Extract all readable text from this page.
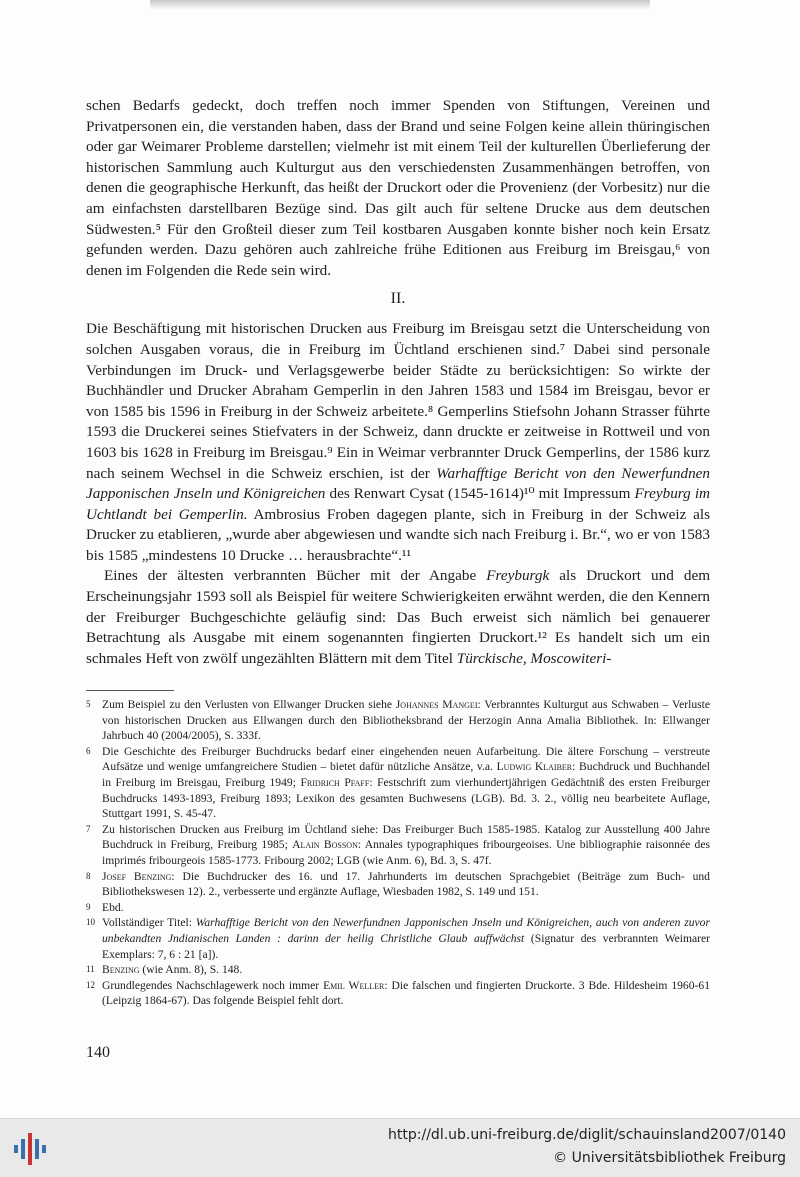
schen Bedarfs gedeckt, doch treffen noch immer Spenden von Stiftungen, Vereinen und Privatpersonen ein, die verstanden haben, dass der Brand und seine Folgen keine allein thüringischen oder gar Weimarer Probleme darstellen; vielmehr ist mit einem Teil der kulturellen Überlieferung der historischen Sammlung auch Kulturgut aus den verschiedensten Zusammenhängen betroffen, von denen die geographische Herkunft, das heißt der Druckort oder die Provenienz (der Vorbesitz) nur die am einfachsten darstellbaren Bezüge sind. Das gilt auch für seltene Drucke aus dem deutschen Südwesten.⁵ Für den Großteil dieser zum Teil kostbaren Ausgaben konnte bisher noch kein Ersatz gefunden werden. Dazu gehören auch zahlreiche frühe Editionen aus Freiburg im Breisgau,⁶ von denen im Folgenden die Rede sein wird.

II.

Die Beschäftigung mit historischen Drucken aus Freiburg im Breisgau setzt die Unterscheidung von solchen Ausgaben voraus, die in Freiburg im Üchtland erschienen sind.⁷ Dabei sind personale Verbindungen im Druck- und Verlagsgewerbe beider Städte zu berücksichtigen: So wirkte der Buchhändler und Drucker Abraham Gemperlin in den Jahren 1583 und 1584 im Breisgau, bevor er von 1585 bis 1596 in Freiburg in der Schweiz arbeitete.⁸ Gemperlins Stiefsohn Johann Strasser führte 1593 die Druckerei seines Stiefvaters in der Schweiz, dann druckte er zeitweise in Rottweil und von 1603 bis 1628 in Freiburg im Breisgau.⁹ Ein in Weimar verbrannter Druck Gemperlins, der 1586 kurz nach seinem Wechsel in die Schweiz erschien, ist der Warhafftige Bericht von den Newerfundnen Japponischen Jnseln und Königreichen des Renwart Cysat (1545-1614)¹⁰ mit Impressum Freyburg im Uchtlandt bei Gemperlin. Ambrosius Froben dagegen plante, sich in Freiburg in der Schweiz als Drucker zu etablieren, „wurde aber abgewiesen und wandte sich nach Freiburg i. Br.“, wo er von 1583 bis 1585 „mindestens 10 Drucke … herausbrachte“.¹¹

Eines der ältesten verbrannten Bücher mit der Angabe Freyburgk als Druckort und dem Erscheinungsjahr 1593 soll als Beispiel für weitere Schwierigkeiten erwähnt werden, die den Kennern der Freiburger Buchgeschichte geläufig sind: Das Buch erweist sich nämlich bei genauerer Betrachtung als Ausgabe mit einem sogenannten fingierten Druckort.¹² Es handelt sich um ein schmales Heft von zwölf ungezählten Blättern mit dem Titel Türckische, Moscowiteri-

5 Zum Beispiel zu den Verlusten von Ellwanger Drucken siehe Johannes Mangei: Verbranntes Kulturgut aus Schwaben – Verluste von historischen Drucken aus Ellwangen durch den Bibliotheksbrand der Herzogin Anna Amalia Bibliothek. In: Ellwanger Jahrbuch 40 (2004/2005), S. 333f.
6 Die Geschichte des Freiburger Buchdrucks bedarf einer eingehenden neuen Aufarbeitung. Die ältere Forschung – verstreute Aufsätze und wenige umfangreichere Studien – bietet dafür nützliche Ansätze, v.a. Ludwig Klaiber: Buchdruck und Buchhandel in Freiburg im Breisgau, Freiburg 1949; Fridrich Pfaff: Festschrift zum vierhundertjährigen Gedächtniß des ersten Freiburger Buchdrucks 1493-1893, Freiburg 1893; Lexikon des gesamten Buchwesens (LGB). Bd. 3. 2., völlig neu bearbeitete Auflage, Stuttgart 1991, S. 45-47.
7 Zu historischen Drucken aus Freiburg im Üchtland siehe: Das Freiburger Buch 1585-1985. Katalog zur Ausstellung 400 Jahre Buchdruck in Freiburg, Freiburg 1985; Alain Bosson: Annales typographiques fribourgeoises. Une bibliographie raisonnée des imprimés fribourgeois 1585-1773. Fribourg 2002; LGB (wie Anm. 6), Bd. 3, S. 47f.
8 Josef Benzing: Die Buchdrucker des 16. und 17. Jahrhunderts im deutschen Sprachgebiet (Beiträge zum Buch- und Bibliothekswesen 12). 2., verbesserte und ergänzte Auflage, Wiesbaden 1982, S. 149 und 151.
9 Ebd.
10 Vollständiger Titel: Warhafftige Bericht von den Newerfundnen Japponischen Jnseln und Königreichen, auch von anderen zuvor unbekandten Jndianischen Landen : darinn der heilig Christliche Glaub auffwächst (Signatur des verbrannten Weimarer Exemplars: 7, 6 : 21 [a]).
11 Benzing (wie Anm. 8), S. 148.
12 Grundlegendes Nachschlagewerk noch immer Emil Weller: Die falschen und fingierten Druckorte. 3 Bde. Hildesheim 1960-61 (Leipzig 1864-67). Das folgende Beispiel fehlt dort.
140
http://dl.ub.uni-freiburg.de/diglit/schauinsland2007/0140
© Universitätsbibliothek Freiburg
